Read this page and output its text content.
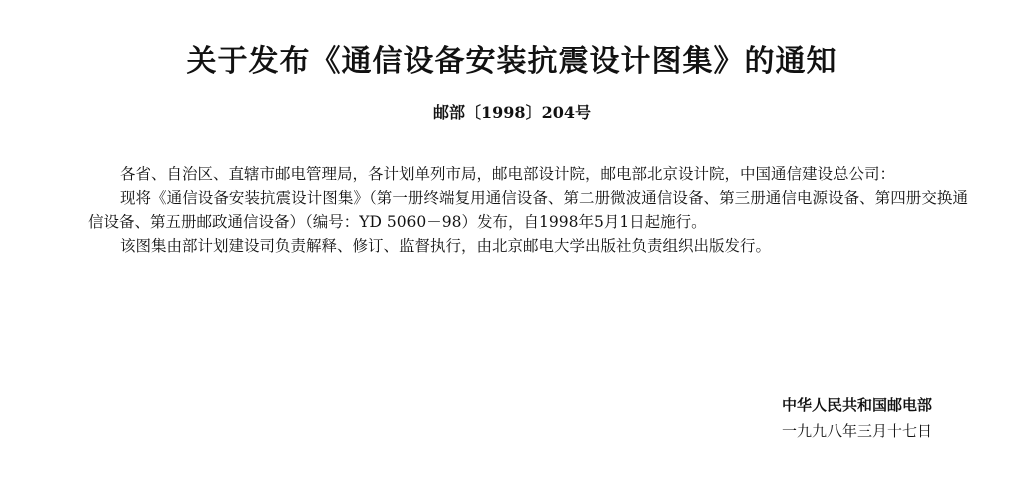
关于发布《通信设备安装抗震设计图集》的通知
邮部〔1998〕204号

各省、自治区、直辖市邮电管理局，各计划单列市局，邮电部设计院，邮电部北京设计院，中国通信建设总公司：

现将《通信设备安装抗震设计图集》（第一册终端复用通信设备、第二册微波通信设备、第三册通信电源设备、第四册交换通信设备、第五册邮政通信设备）（编号：YD 5060－98）发布，自1998年5月1日起施行。

该图集由部计划建设司负责解释、修订、监督执行，由北京邮电大学出版社负责组织出版发行。

中华人民共和国邮电部
一九九八年三月十七日
